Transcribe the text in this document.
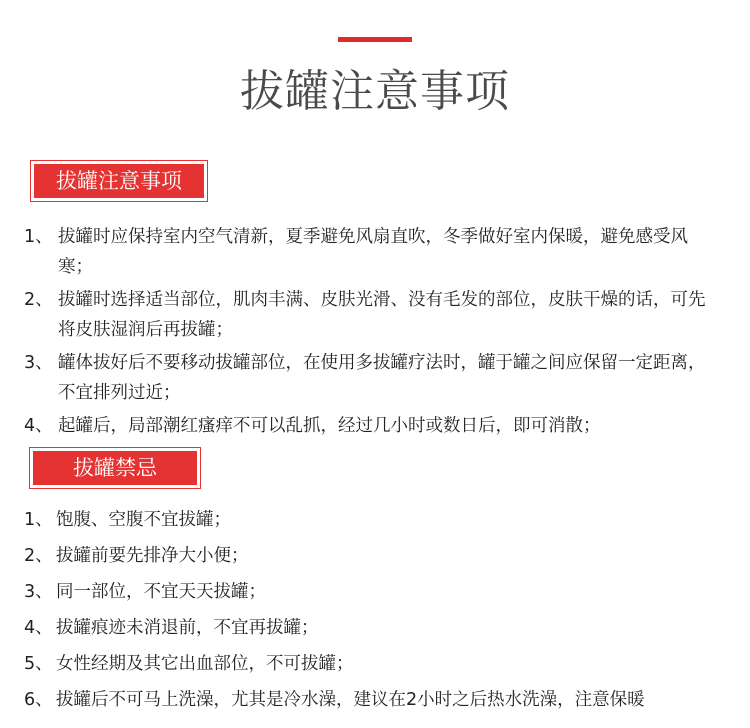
拔罐注意事项
拔罐注意事项
1、 拔罐时应保持室内空气清新，夏季避免风扇直吹，冬季做好室内保暖，避免感受风寒；
2、 拔罐时选择适当部位，肌肉丰满、皮肤光滑、没有毛发的部位，皮肤干燥的话，可先将皮肤湿润后再拔罐；
3、 罐体拔好后不要移动拔罐部位，在使用多拔罐疗法时，罐于罐之间应保留一定距离，不宜排列过近；
4、 起罐后，局部潮红瘙痒不可以乱抓，经过几小时或数日后，即可消散；
拔罐禁忌
1、 饱腹、空腹不宜拔罐；
2、 拔罐前要先排净大小便；
3、 同一部位，不宜天天拔罐；
4、 拔罐痕迹未消退前，不宜再拔罐；
5、 女性经期及其它出血部位，不可拔罐；
6、 拔罐后不可马上洗澡，尤其是冷水澡，建议在2小时之后热水洗澡，注意保暖
